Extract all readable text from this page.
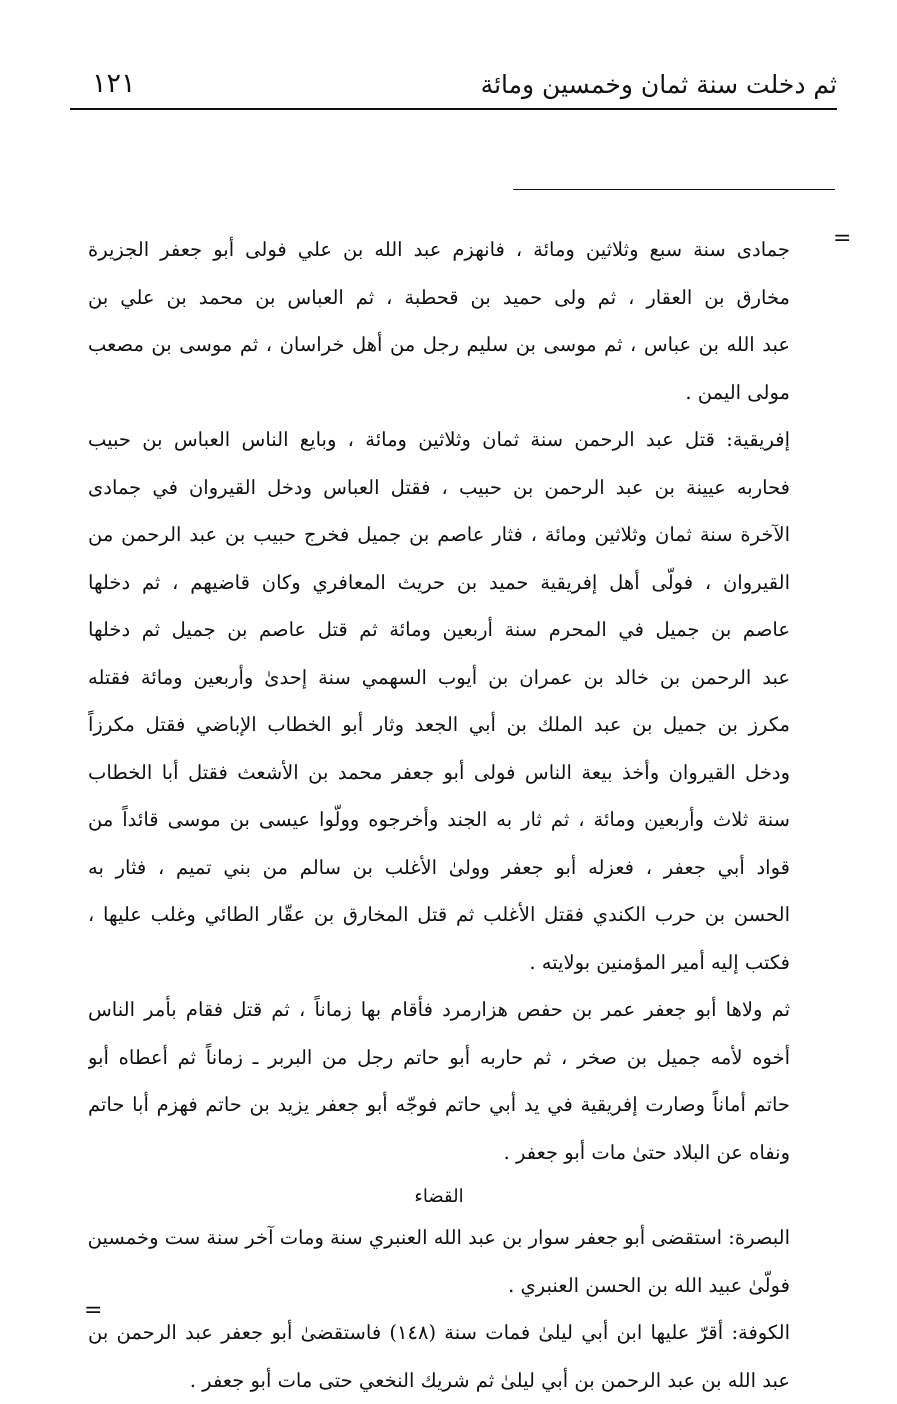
ثم دخلت سنة ثمان وخمسين ومائة
١٢١
=
=
جمادى سنة سبع وثلاثين ومائة ، فانهزم عبد الله بن علي فولى أبو جعفر الجزيرة
مخارق بن العقار ، ثم ولى حميد بن قحطبة ، ثم العباس بن محمد بن علي بن
عبد الله بن عباس ، ثم موسى بن سليم رجل من أهل خراسان ، ثم موسى بن مصعب
مولى اليمن .
إفريقية: قتل عبد الرحمن سنة ثمان وثلاثين ومائة ، وبايع الناس العباس بن حبيب
فحاربه عيينة بن عبد الرحمن بن حبيب ، فقتل العباس ودخل القيروان في جمادى
الآخرة سنة ثمان وثلاثين ومائة ، فثار عاصم بن جميل فخرج حبيب بن عبد الرحمن من
القيروان ، فولّى أهل إفريقية حميد بن حريث المعافري وكان قاضيهم ، ثم دخلها
عاصم بن جميل في المحرم سنة أربعين ومائة ثم قتل عاصم بن جميل ثم دخلها
عبد الرحمن بن خالد بن عمران بن أيوب السهمي سنة إحدىٰ وأربعين ومائة فقتله
مكرز بن جميل بن عبد الملك بن أبي الجعد وثار أبو الخطاب الإباضي فقتل مكرزاً
ودخل القيروان وأخذ بيعة الناس فولى أبو جعفر محمد بن الأشعث فقتل أبا الخطاب
سنة ثلاث وأربعين ومائة ، ثم ثار به الجند وأخرجوه وولّوا عيسى بن موسى قائداً من
قواد أبي جعفر ، فعزله أبو جعفر وولىٰ الأغلب بن سالم من بني تميم ، فثار به
الحسن بن حرب الكندي فقتل الأغلب ثم قتل المخارق بن عقّار الطائي وغلب عليها ،
فكتب إليه أمير المؤمنين بولايته .
ثم ولاها أبو جعفر عمر بن حفص هزارمرد فأقام بها زماناً ، ثم قتل فقام بأمر الناس
أخوه لأمه جميل بن صخر ، ثم حاربه أبو حاتم رجل من البربر ـ زماناً ثم أعطاه أبو
حاتم أماناً وصارت إفريقية في يد أبي حاتم فوجّه أبو جعفر يزيد بن حاتم فهزم أبا حاتم
ونفاه عن البلاد حتىٰ مات أبو جعفر .
القضاء
البصرة: استقضى أبو جعفر سوار بن عبد الله العنبري سنة ومات آخر سنة ست وخمسين
فولّىٰ عبيد الله بن الحسن العنبري .
الكوفة: أقرّ عليها ابن أبي ليلىٰ فمات سنة (١٤٨) فاستقضىٰ أبو جعفر عبد الرحمن بن
عبد الله بن عبد الرحمن بن أبي ليلىٰ ثم شريك النخعي حتى مات أبو جعفر .
